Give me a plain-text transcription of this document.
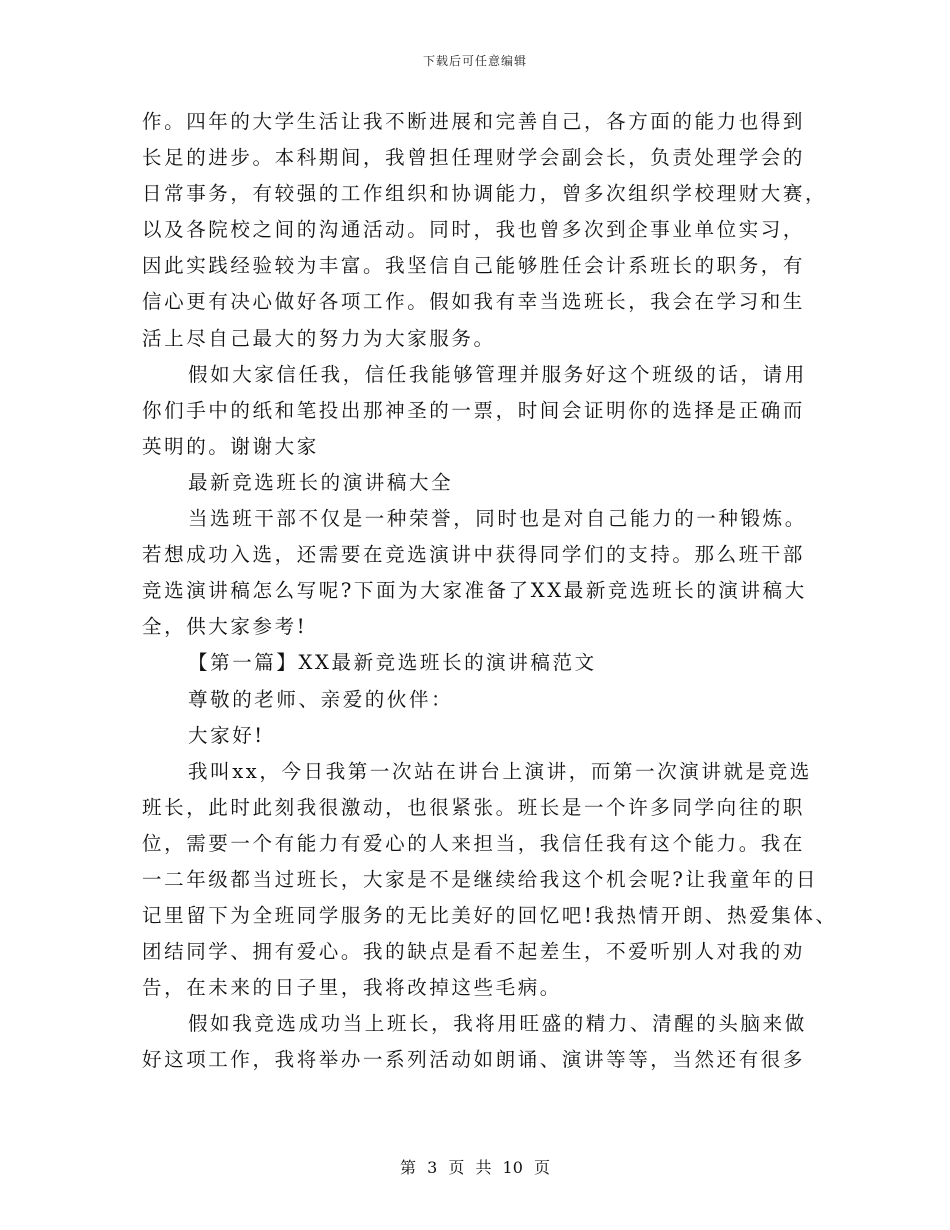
下载后可任意编辑
作。四年的大学生活让我不断进展和完善自己，各方面的能力也得到
长足的进步。本科期间，我曾担任理财学会副会长，负责处理学会的
日常事务，有较强的工作组织和协调能力，曾多次组织学校理财大赛，
以及各院校之间的沟通活动。同时，我也曾多次到企事业单位实习，
因此实践经验较为丰富。我坚信自己能够胜任会计系班长的职务，有
信心更有决心做好各项工作。假如我有幸当选班长，我会在学习和生
活上尽自己最大的努力为大家服务。
假如大家信任我，信任我能够管理并服务好这个班级的话，请用
你们手中的纸和笔投出那神圣的一票，时间会证明你的选择是正确而
英明的。谢谢大家
最新竞选班长的演讲稿大全
当选班干部不仅是一种荣誉，同时也是对自己能力的一种锻炼。
若想成功入选，还需要在竞选演讲中获得同学们的支持。那么班干部
竞选演讲稿怎么写呢?下面为大家准备了XX最新竞选班长的演讲稿大
全，供大家参考!
【第一篇】XX最新竞选班长的演讲稿范文
尊敬的老师、亲爱的伙伴：
大家好!
我叫xx，今日我第一次站在讲台上演讲，而第一次演讲就是竞选
班长，此时此刻我很激动，也很紧张。班长是一个许多同学向往的职
位，需要一个有能力有爱心的人来担当，我信任我有这个能力。我在
一二年级都当过班长，大家是不是继续给我这个机会呢?让我童年的日
记里留下为全班同学服务的无比美好的回忆吧!我热情开朗、热爱集体、
团结同学、拥有爱心。我的缺点是看不起差生，不爱听别人对我的劝
告，在未来的日子里，我将改掉这些毛病。
假如我竞选成功当上班长，我将用旺盛的精力、清醒的头脑来做
好这项工作，我将举办一系列活动如朗诵、演讲等等，当然还有很多
第 3 页 共 10 页
